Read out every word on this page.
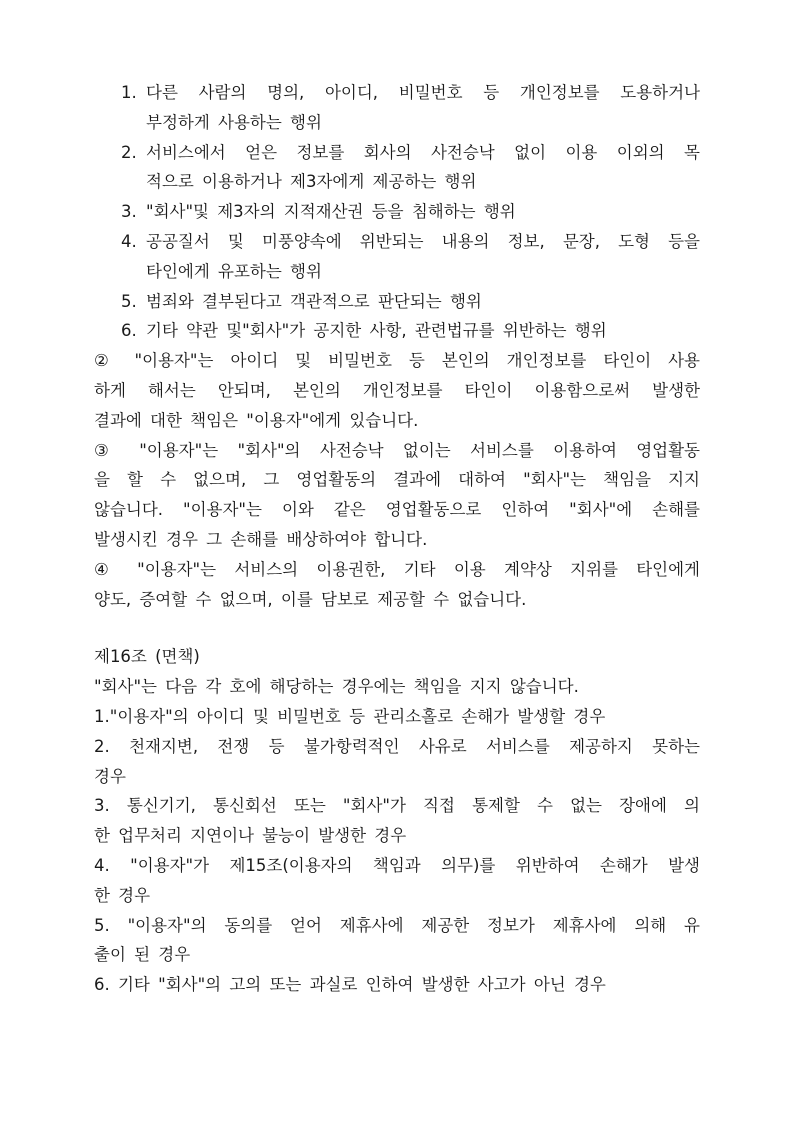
1. 다른 사람의 명의, 아이디, 비밀번호 등 개인정보를 도용하거나
부정하게 사용하는 행위
2. 서비스에서 얻은 정보를 회사의 사전승낙 없이 이용 이외의 목
적으로 이용하거나 제3자에게 제공하는 행위
3. "회사"및 제3자의 지적재산권 등을 침해하는 행위
4. 공공질서 및 미풍양속에 위반되는 내용의 정보, 문장, 도형 등을
타인에게 유포하는 행위
5. 범죄와 결부된다고 객관적으로 판단되는 행위
6. 기타 약관 및"회사"가 공지한 사항, 관련법규를 위반하는 행위
② "이용자"는 아이디 및 비밀번호 등 본인의 개인정보를 타인이 사용
하게 해서는 안되며, 본인의 개인정보를 타인이 이용함으로써 발생한
결과에 대한 책임은 "이용자"에게 있습니다.
③ "이용자"는 "회사"의 사전승낙 없이는 서비스를 이용하여 영업활동
을 할 수 없으며, 그 영업활동의 결과에 대하여 "회사"는 책임을 지지
않습니다. "이용자"는 이와 같은 영업활동으로 인하여 "회사"에 손해를
발생시킨 경우 그 손해를 배상하여야 합니다.
④ "이용자"는 서비스의 이용권한, 기타 이용 계약상 지위를 타인에게
양도, 증여할 수 없으며, 이를 담보로 제공할 수 없습니다.
제16조 (면책)
"회사"는 다음 각 호에 해당하는 경우에는 책임을 지지 않습니다.
1."이용자"의 아이디 및 비밀번호 등 관리소홀로 손해가 발생할 경우
2. 천재지변, 전쟁 등 불가항력적인 사유로 서비스를 제공하지 못하는
경우
3. 통신기기, 통신회선 또는 "회사"가 직접 통제할 수 없는 장애에 의
한 업무처리 지연이나 불능이 발생한 경우
4. "이용자"가 제15조(이용자의 책임과 의무)를 위반하여 손해가 발생
한 경우
5. "이용자"의 동의를 얻어 제휴사에 제공한 정보가 제휴사에 의해 유
출이 된 경우
6. 기타 "회사"의 고의 또는 과실로 인하여 발생한 사고가 아닌 경우
